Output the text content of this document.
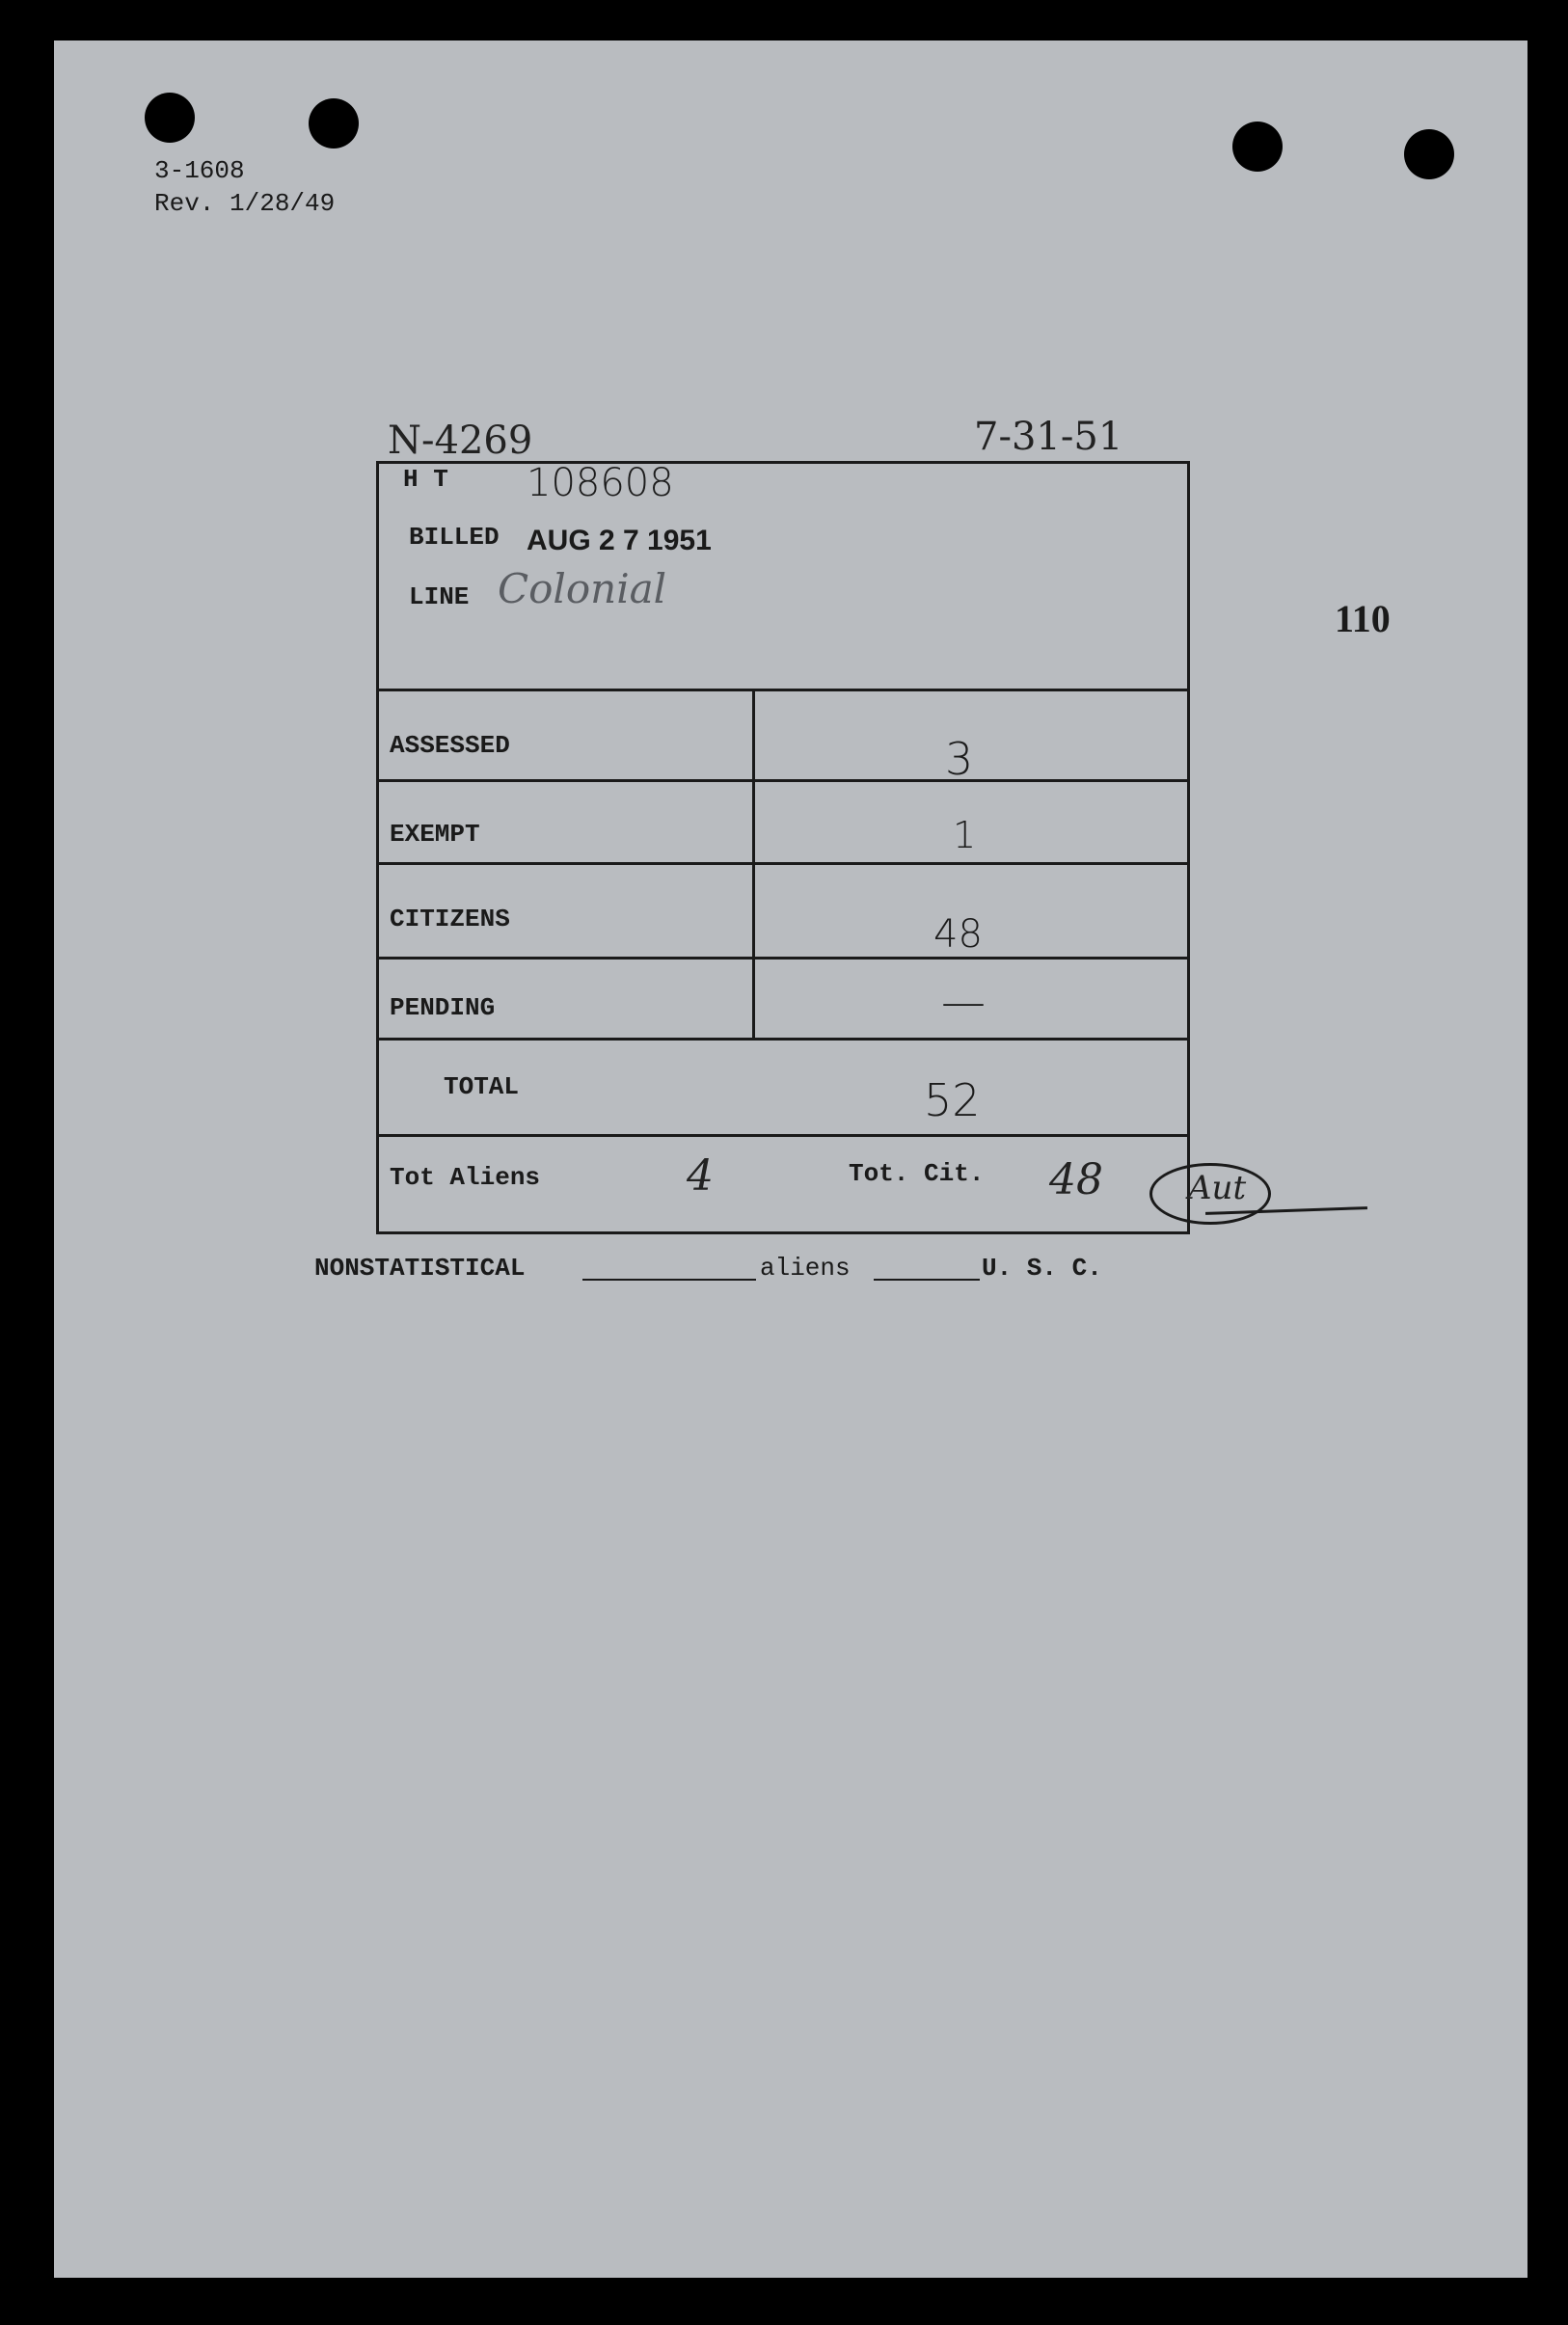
3-1608
Rev. 1/28/49
110
N-4269	7-31-51
H T 108608
BILLED AUG 2 7 1951
LINE Colonial
ASSESSED	3
EXEMPT	1
CITIZENS	48
PENDING	—
TOTAL	52
Tot Aliens	4	Tot. Cit. 48	Aut
NONSTATISTICAL	aliens	U. S. C.
